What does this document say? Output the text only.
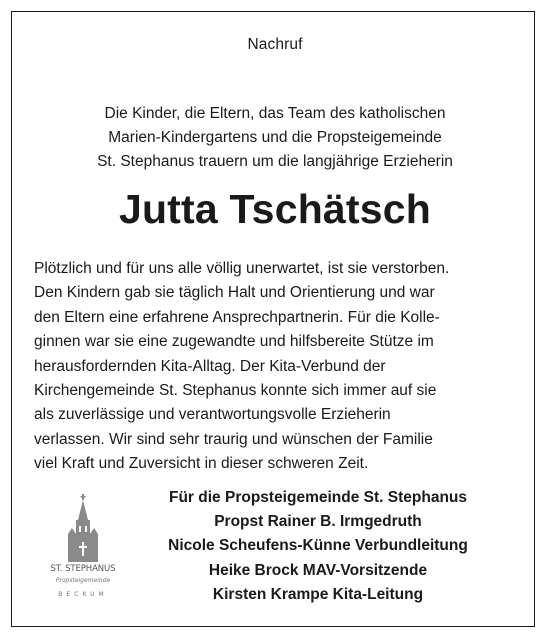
Nachruf
Die Kinder, die Eltern, das Team des katholischen
Marien-Kindergartens und die Propsteigemeinde
St. Stephanus trauern um die langjährige Erzieherin
Jutta Tschätsch
Plötzlich und für uns alle völlig unerwartet, ist sie verstorben.
Den Kindern gab sie täglich Halt und Orientierung und war
den Eltern eine erfahrene Ansprechpartnerin. Für die Kolle-
ginnen war sie eine zugewandte und hilfsbereite Stütze im
herausfordernden Kita-Alltag. Der Kita-Verbund der
Kirchengemeinde St. Stephanus konnte sich immer auf sie
als zuverlässige und verantwortungsvolle Erzieherin
verlassen. Wir sind sehr traurig und wünschen der Familie
viel Kraft und Zuversicht in dieser schweren Zeit.
ST. STEPHANUS
Propsteigemeinde
BECKUM
Für die Propsteigemeinde St. Stephanus
Propst Rainer B. Irmgedruth
Nicole Scheufens-Künne Verbundleitung
Heike Brock MAV-Vorsitzende
Kirsten Krampe Kita-Leitung
